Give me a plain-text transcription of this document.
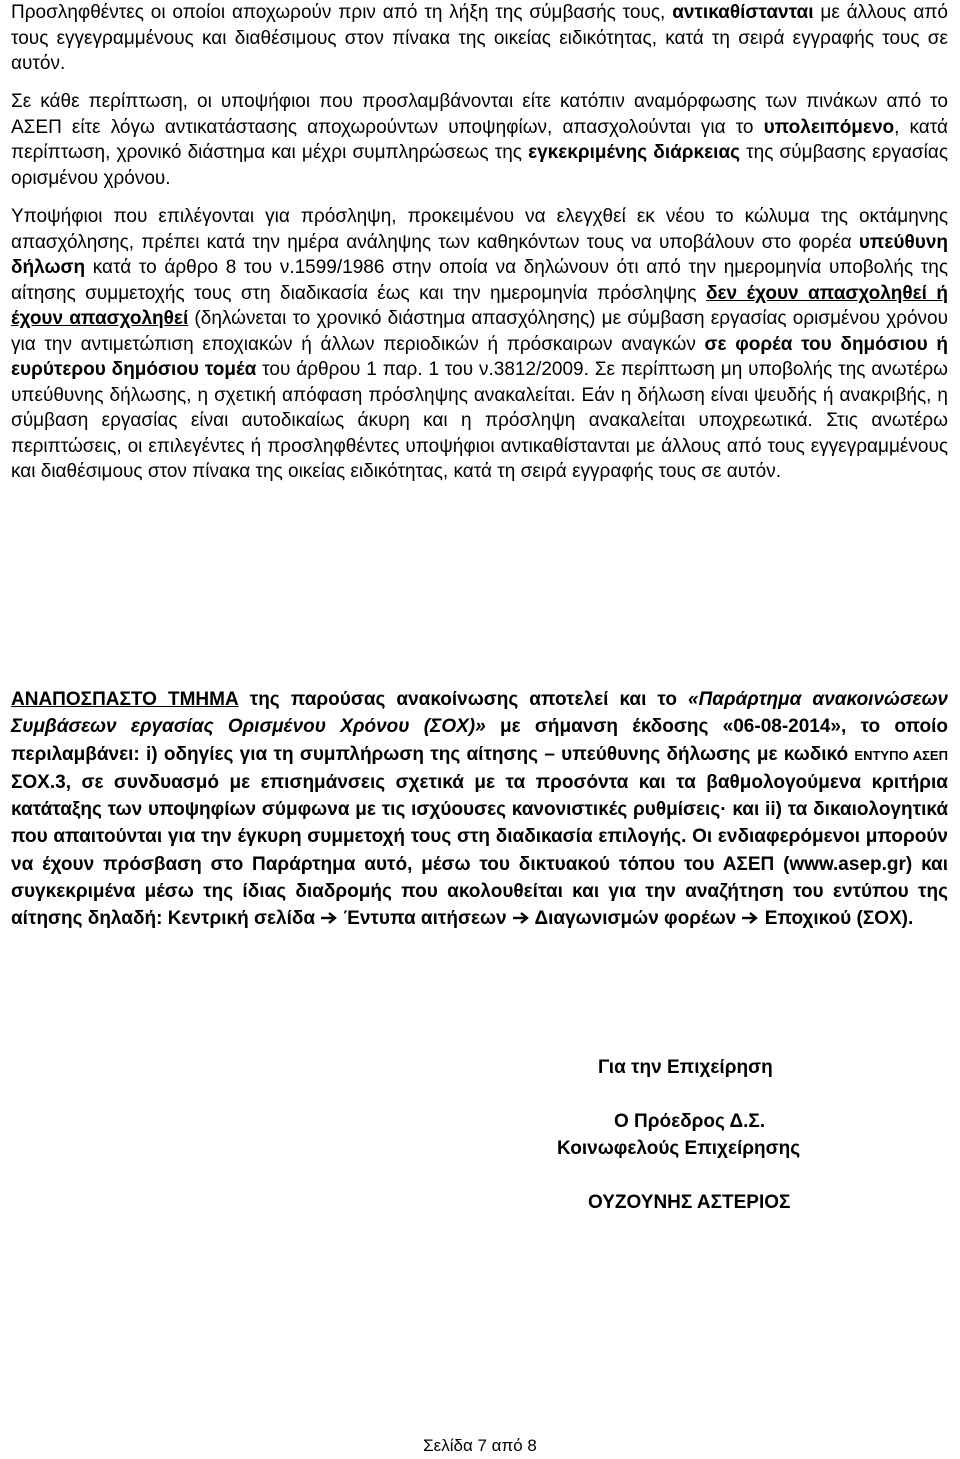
Προσληφθέντες οι οποίοι αποχωρούν πριν από τη λήξη της σύμβασής τους, αντικαθίστανται με άλλους από τους εγγεγραμμένους και διαθέσιμους στον πίνακα της οικείας ειδικότητας, κατά τη σειρά εγγραφής τους σε αυτόν.

Σε κάθε περίπτωση, οι υποψήφιοι που προσλαμβάνονται είτε κατόπιν αναμόρφωσης των πινάκων από το ΑΣΕΠ είτε λόγω αντικατάστασης αποχωρούντων υποψηφίων, απασχολούνται για το υπολειπόμενο, κατά περίπτωση, χρονικό διάστημα και μέχρι συμπληρώσεως της εγκεκριμένης διάρκειας της σύμβασης εργασίας ορισμένου χρόνου.

Υποψήφιοι που επιλέγονται για πρόσληψη, προκειμένου να ελεγχθεί εκ νέου το κώλυμα της οκτάμηνης απασχόλησης, πρέπει κατά την ημέρα ανάληψης των καθηκόντων τους να υποβάλουν στο φορέα υπεύθυνη δήλωση κατά το άρθρο 8 του ν.1599/1986 στην οποία να δηλώνουν ότι από την ημερομηνία υποβολής της αίτησης συμμετοχής τους στη διαδικασία έως και την ημερομηνία πρόσληψης δεν έχουν απασχοληθεί ή έχουν απασχοληθεί (δηλώνεται το χρονικό διάστημα απασχόλησης) με σύμβαση εργασίας ορισμένου χρόνου για την αντιμετώπιση εποχιακών ή άλλων περιοδικών ή πρόσκαιρων αναγκών σε φορέα του δημόσιου ή ευρύτερου δημόσιου τομέα του άρθρου 1 παρ. 1 του ν.3812/2009. Σε περίπτωση μη υποβολής της ανωτέρω υπεύθυνης δήλωσης, η σχετική απόφαση πρόσληψης ανακαλείται. Εάν η δήλωση είναι ψευδής ή ανακριβής, η σύμβαση εργασίας είναι αυτοδικαίως άκυρη και η πρόσληψη ανακαλείται υποχρεωτικά. Στις ανωτέρω περιπτώσεις, οι επιλεγέντες ή προσληφθέντες υποψήφιοι αντικαθίστανται με άλλους από τους εγγεγραμμένους και διαθέσιμους στον πίνακα της οικείας ειδικότητας, κατά τη σειρά εγγραφής τους σε αυτόν.

ΑΝΑΠΟΣΠΑΣΤΟ ΤΜΗΜΑ της παρούσας ανακοίνωσης αποτελεί και το «Παράρτημα ανακοινώσεων Συμβάσεων εργασίας Ορισμένου Χρόνου (ΣΟΧ)» με σήμανση έκδοσης «06-08-2014», το οποίο περιλαμβάνει: i) οδηγίες για τη συμπλήρωση της αίτησης – υπεύθυνης δήλωσης με κωδικό ΕΝΤΥΠΟ ΑΣΕΠ ΣΟΧ.3, σε συνδυασμό με επισημάνσεις σχετικά με τα προσόντα και τα βαθμολογούμενα κριτήρια κατάταξης των υποψηφίων σύμφωνα με τις ισχύουσες κανονιστικές ρυθμίσεις· και ii) τα δικαιολογητικά που απαιτούνται για την έγκυρη συμμετοχή τους στη διαδικασία επιλογής. Οι ενδιαφερόμενοι μπορούν να έχουν πρόσβαση στο Παράρτημα αυτό, μέσω του δικτυακού τόπου του ΑΣΕΠ (www.asep.gr) και συγκεκριμένα μέσω της ίδιας διαδρομής που ακολουθείται και για την αναζήτηση του εντύπου της αίτησης δηλαδή: Κεντρική σελίδα Έντυπα αιτήσεων Διαγωνισμών φορέων Εποχικού (ΣΟΧ).

Για την Επιχείρηση
Ο Πρόεδρος Δ.Σ.
Κοινωφελούς Επιχείρησης
ΟΥΖΟΥΝΗΣ ΑΣΤΕΡΙΟΣ
Σελίδα 7 από 8
